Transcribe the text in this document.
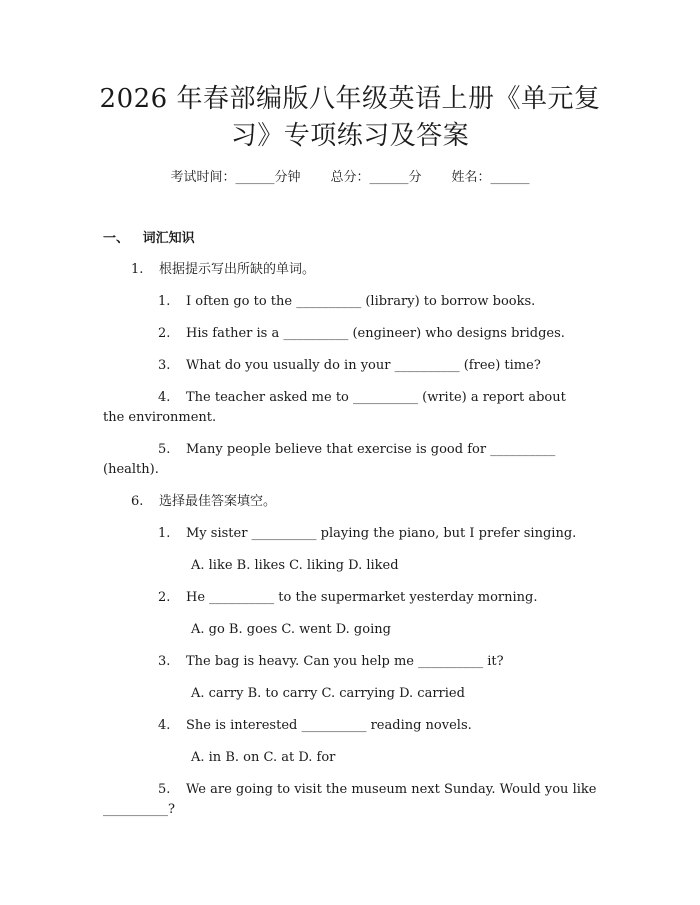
2026 年春部编版八年级英语上册《单元复
习》专项练习及答案
考试时间：______分钟 总分：______分 姓名：______
一、 词汇知识
1. 根据提示写出所缺的单词。
1. I often go to the __________ (library) to borrow books.
2. His father is a __________ (engineer) who designs bridges.
3. What do you usually do in your __________ (free) time?
4. The teacher asked me to __________ (write) a report about
the environment.
5. Many people believe that exercise is good for __________
(health).
6. 选择最佳答案填空。
1. My sister __________ playing the piano, but I prefer singing.
A. like B. likes C. liking D. liked
2. He __________ to the supermarket yesterday morning.
A. go B. goes C. went D. going
3. The bag is heavy. Can you help me __________ it?
A. carry B. to carry C. carrying D. carried
4. She is interested __________ reading novels.
A. in B. on C. at D. for
5. We are going to visit the museum next Sunday. Would you like
__________?
